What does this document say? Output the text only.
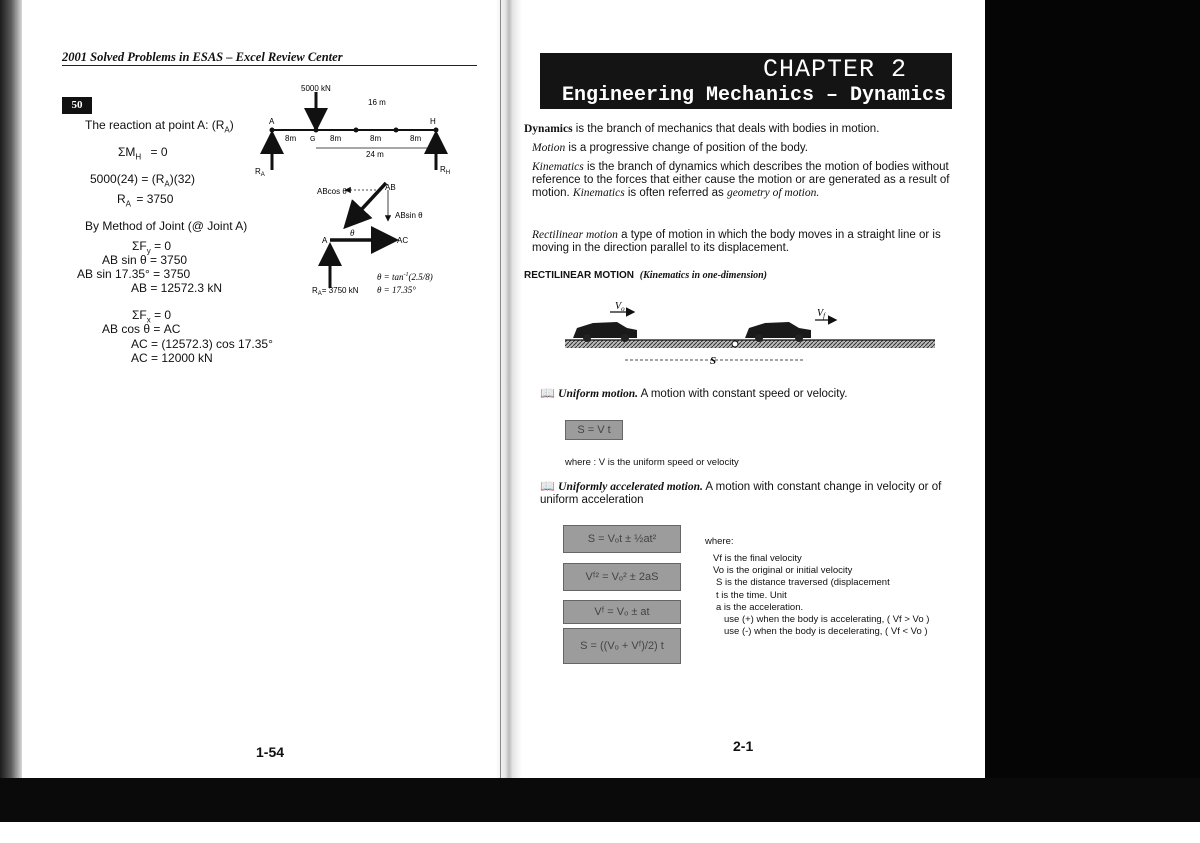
2001 Solved Problems in ESAS – Excel Review Center
50
The reaction at point A: $(R_A)$
$\Sigma M_H = 0$
$5000(24) = (R_A)(32)$
$R_A = 3750$
By Method of Joint (@ Joint A)
$\Sigma F_y = 0$
AB sin θ = 3750
AB sin 17.35° = 3750
AB = 12572.3 kN
$\Sigma F_x = 0$
AB cos θ = AC
AC = (12572.3) cos 17.35°
AC = 12000 kN
5000 kN
16 m
A	H
G
8m	8m	8m	8m
24 m
$R_A$
$R_H$
ABcos θ	AB
ABsin θ
θ
AC
A
$R_A= 3750$ kN
$\theta = \tan^{-1}(2.5/8)$
θ = 17.35°
1-54
CHAPTER 2
Engineering Mechanics – Dynamics
Dynamics is the branch of mechanics that deals with bodies in motion.
Motion is a progressive change of position of the body.
Kinematics is the branch of dynamics which describes the motion of bodies without reference to the forces that either cause the motion or are generated as a result of motion. Kinematics is often referred as geometry of motion.
Rectilinear motion a type of motion in which the body moves in a straight line or is moving in the direction parallel to its displacement.
RECTILINEAR MOTION (Kinematics in one-dimension)
$V_o$	$V_f$
S
📖 Uniform motion. A motion with constant speed or velocity.
S = V t
where : V is the uniform speed or velocity
📖 Uniformly accelerated motion. A motion with constant change in velocity or of uniform acceleration
S = Vₒt ± ½at²
Vᶠ² = Vₒ² ± 2aS
Vᶠ = Vₒ ± at
S = ((Vₒ + Vᶠ)/2) t
where:
Vf is the final velocity
Vo is the original or initial velocity
S is the distance traversed (displacement
t is the time. Unit
a is the acceleration.
use (+) when the body is accelerating, ( Vf > Vo )
use (-) when the body is decelerating, ( Vf < Vo )
2-1
